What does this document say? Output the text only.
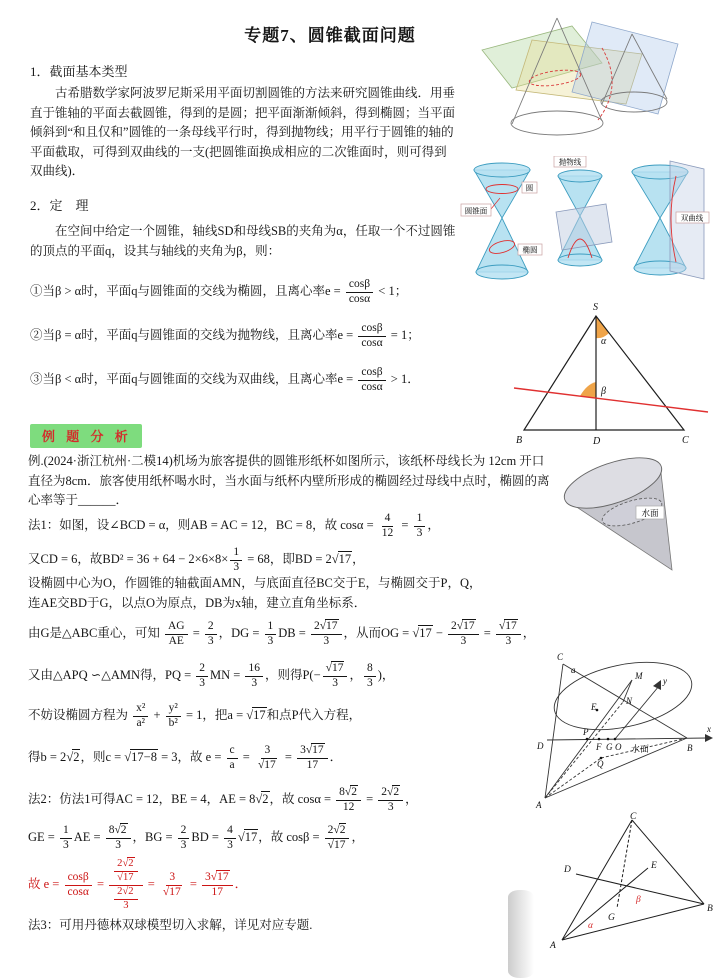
专题7、圆锥截面问题
1．截面基本类型
古希腊数学家阿波罗尼斯采用平面切割圆锥的方法来研究圆锥曲线．用垂直于锥轴的平面去截圆锥，得到的是圆；把平面渐渐倾斜，得到椭圆；当平面倾斜到“和且仅和”圆锥的一条母线平行时，得到抛物线；用平行于圆锥的轴的平面截取，可得到双曲线的一支(把圆锥面换成相应的二次锥面时，则可得到双曲线)．
圆锥面
圆
椭圆
抛物线
双曲线
2．定　理
在空间中给定一个圆锥，轴线SD和母线SB的夹角为α，任取一个不过圆锥的顶点的平面q，设其与轴线的夹角为β，则：
①当β > α时，平面q与圆锥面的交线为椭圆，且离心率$e = \frac{\cos\beta}{\cos\alpha} < 1$；
②当β = α时，平面q与圆锥面的交线为抛物线，且离心率$e = \frac{\cos\beta}{\cos\alpha} = 1$；
③当β < α时，平面q与圆锥面的交线为双曲线，且离心率$e = \frac{\cos\beta}{\cos\alpha} > 1$．
S
α
β
B	D	C
例 题 分 析
例.(2024·浙江杭州·二模14)机场为旅客提供的圆锥形纸杯如图所示，该纸杯母线长为 12cm 开口直径为8cm．旅客使用纸杯喝水时，当水面与纸杯内壁所形成的椭圆经过母线中点时，椭圆的离心率等于______．
水面
法1：如图，设∠BCD = α，则AB = AC = 12，BC = 8，故 $\cos\alpha = \frac{4}{12} = \frac{1}{3}$ ，
又CD = 6，故$BD^2 = 36 + 64 - 2\times 6\times 8\times \frac{1}{3} = 68$，即BD = 2√17，
设椭圆中心为O，作圆锥的轴截面AMN，与底面直径BC交于E，与椭圆交于P，Q，
连AE交BD于G，以点O为原点，DB为x轴，建立直角坐标系．
由G是△ABC重心，可知 $\frac{AG}{AE} = \frac{2}{3}$ ，DG = $\frac{1}{3}$ DB = $\frac{2√17}{3}$ ，从而OG = $√17 - \frac{2√17}{3} = \frac{√17}{3}$ ，
又由△APQ ∽△AMN得，PQ = $\frac{2}{3}$ MN = $\frac{16}{3}$ ，则得$P(- \frac{√17}{3}$ ， $\frac{8}{3}$ )，
不妨设椭圆方程为 $\frac{\text{x²}}{\text{a²}} + \frac{\text{y²}}{\text{b²}} = 1$，把a = √17和点P代入方程，
得b = 2√2，则c = √17−8 = 3，故 $e = \frac{c}{a} = \frac{3}{√17} = \frac{3√17}{17}$ ．
法2：仿法1可得AC = 12，BE = 4，AE = 8√2，故 $\cos\alpha = \frac{8√2}{12} = \frac{2√2}{3}$ ，
GE = $\frac{1}{3}$ AE = $\frac{8√2}{3}$ ，BG = $\frac{2}{3}$ BD = $\frac{4}{3} √17$，故 $\cos\beta = \frac{2√2}{√17}$ ，
故 $e = \frac{\cos\beta}{\cos\alpha} = \frac{\frac{2√2}{√17}}{\frac{2√2}{3}} = \frac{3}{√17} = \frac{3√17}{17}$ ．
法3：可用丹德林双球模型切入求解，详见对应专题.
C
a
M
N
E
y
P
F G O
D	B
x
水面
Q
A
C
D	E
G
A
B
α
β
